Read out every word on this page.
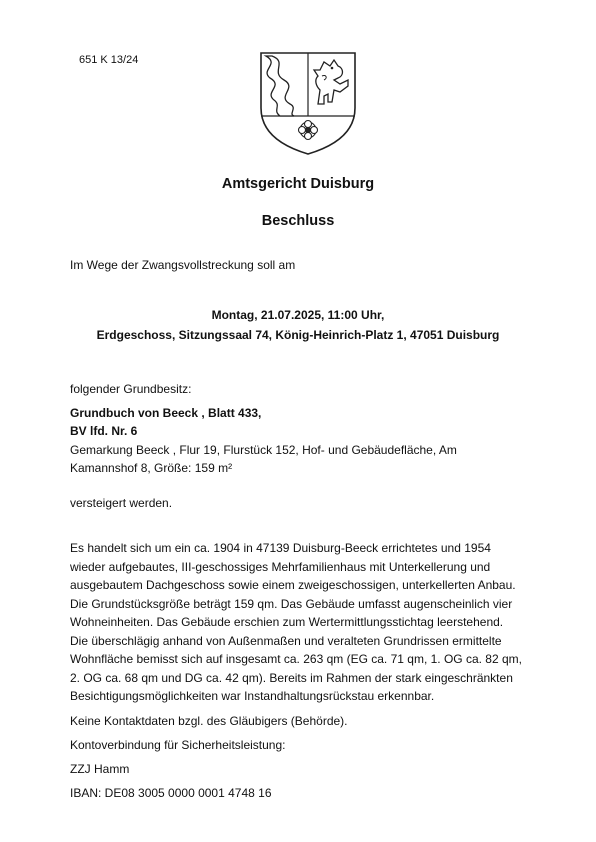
651 K 13/24
Amtsgericht Duisburg
Beschluss
Im Wege der Zwangsvollstreckung soll am
Montag, 21.07.2025, 11:00 Uhr,
Erdgeschoss, Sitzungssaal 74, König-Heinrich-Platz 1, 47051 Duisburg
folgender Grundbesitz:
Grundbuch von Beeck , Blatt 433,
BV lfd. Nr. 6
Gemarkung Beeck , Flur 19, Flurstück 152, Hof- und Gebäudefläche, Am
Kamannshof 8, Größe: 159 m²
versteigert werden.
Es handelt sich um ein ca. 1904 in 47139 Duisburg-Beeck errichtetes und 1954
wieder aufgebautes, III-geschossiges Mehrfamilienhaus mit Unterkellerung und
ausgebautem Dachgeschoss sowie einem zweigeschossigen, unterkellerten Anbau.
Die Grundstücksgröße beträgt 159 qm. Das Gebäude umfasst augenscheinlich vier
Wohneinheiten. Das Gebäude erschien zum Wertermittlungsstichtag leerstehend.
Die überschlägig anhand von Außenmaßen und veralteten Grundrissen ermittelte
Wohnfläche bemisst sich auf insgesamt ca. 263 qm (EG ca. 71 qm, 1. OG ca. 82 qm,
2. OG ca. 68 qm und DG ca. 42 qm). Bereits im Rahmen der stark eingeschränkten
Besichtigungsmöglichkeiten war Instandhaltungsrückstau erkennbar.
Keine Kontaktdaten bzgl. des Gläubigers (Behörde).
Kontoverbindung für Sicherheitsleistung:
ZZJ Hamm
IBAN: DE08 3005 0000 0001 4748 16
